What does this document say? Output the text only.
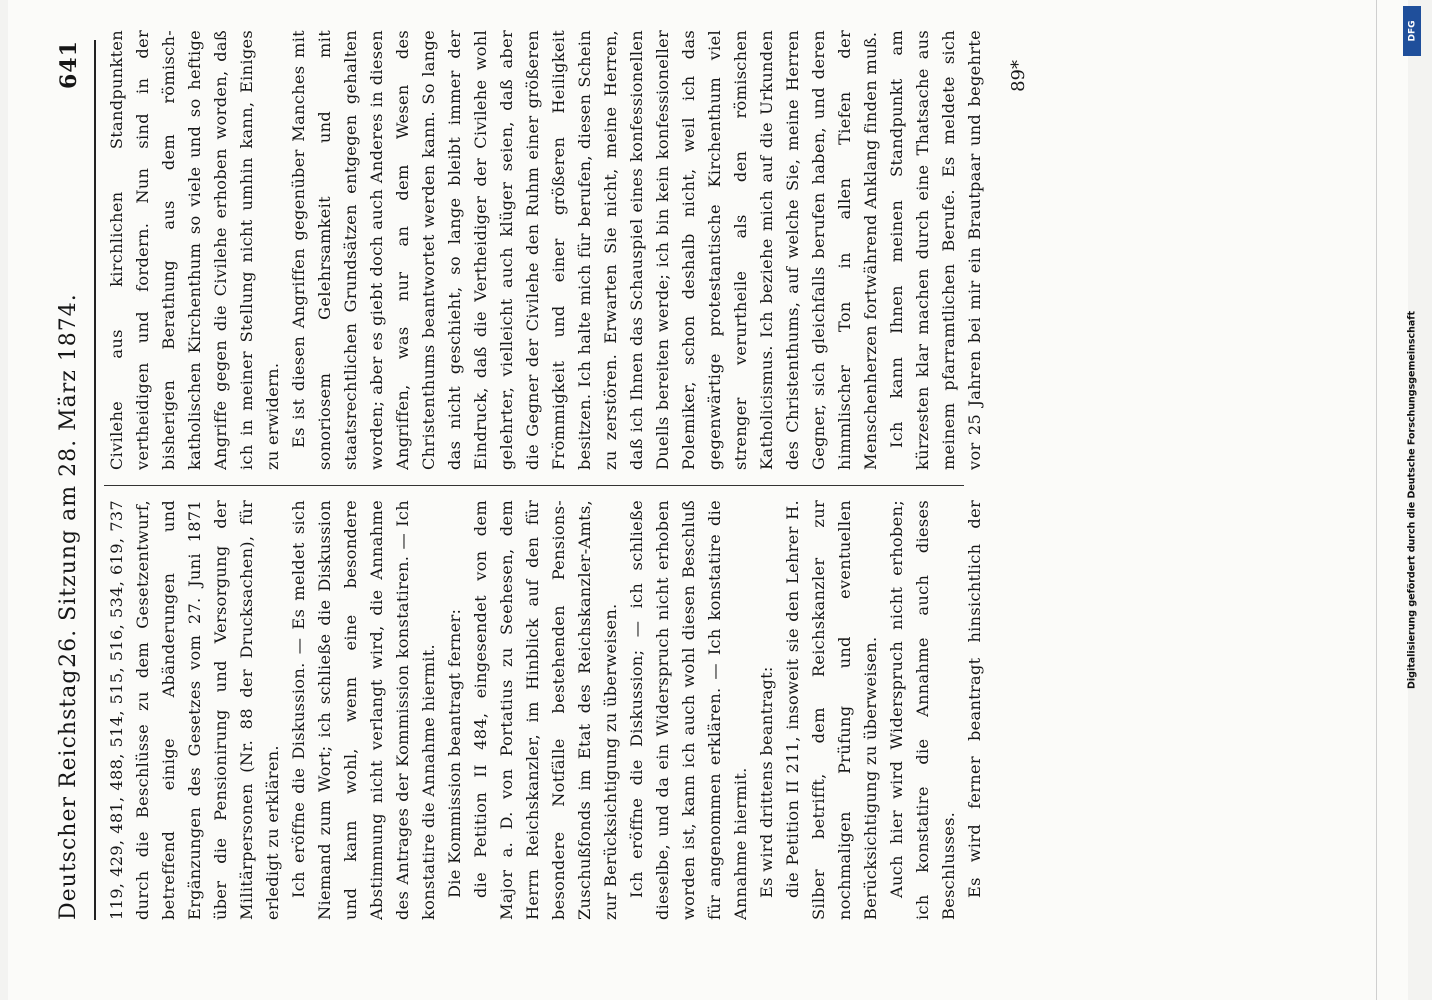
Deutscher Reichstag.
26. Sitzung am 28. März 1874.
641

119, 429, 481, 488, 514, 515, 516, 534, 619, 737 durch die Beschlüsse zu dem Gesetzentwurf, betreffend einige Abänderungen und Ergänzungen des Gesetzes vom 27. Juni 1871 über die Pensionirung und Versorgung der Militärpersonen (Nr. 88 der Drucksachen), für erledigt zu erklären. Ich eröffne die Diskussion. — Es meldet sich Niemand zum Wort; ich schließe die Diskussion und kann wohl, wenn eine besondere Abstimmung nicht verlangt wird, die Annahme des Antrages der Kommission konstatiren. — Ich konstatire die Annahme hiermit. Die Kommission beantragt ferner: die Petition II 484, eingesendet von dem Major a. D. von Portatius zu Seehesen, dem Herrn Reichskanzler, im Hinblick auf den für besondere Notfälle bestehenden Pensions-Zuschußfonds im Etat des Reichskanzler-Amts, zur Berücksichtigung zu überweisen. Ich eröffne die Diskussion; — ich schließe dieselbe, und da ein Widerspruch nicht erhoben worden ist, kann ich auch wohl diesen Beschluß für angenommen erklären. — Ich konstatire die Annahme hiermit. Es wird drittens beantragt: die Petition II 211, insoweit sie den Lehrer H. Silber betrifft, dem Reichskanzler zur nochmaligen Prüfung und eventuellen Berücksichtigung zu überweisen. Auch hier wird Widerspruch nicht erhoben; ich konstatire die Annahme auch dieses Beschlusses. Es wird ferner beantragt hinsichtlich der

Civilehe aus kirchlichen Standpunkten vertheidigen und fordern. Nun sind in der bisherigen Berathung aus dem römisch-katholischen Kirchenthum so viele und so heftige Angriffe gegen die Civilehe erhoben worden, daß ich in meiner Stellung nicht umhin kann, Einiges zu erwidern. Es ist diesen Angriffen gegenüber Manches mit sonoriosem Gelehrsamkeit und mit staatsrechtlichen Grundsätzen entgegen gehalten worden; aber es giebt doch auch Anderes in diesen Angriffen, was nur an dem Wesen des Christenthums beantwortet werden kann. So lange das nicht geschieht, so lange bleibt immer der Eindruck, daß die Vertheidiger der Civilehe wohl gelehrter, vielleicht auch klüger seien, daß aber die Gegner der Civilehe den Ruhm einer größeren Frömmigkeit und einer größeren Heiligkeit besitzen. Ich halte mich für berufen, diesen Schein zu zerstören. Erwarten Sie nicht, meine Herren, daß ich Ihnen das Schauspiel eines konfessionellen Duells bereiten werde; ich bin kein konfessioneller Polemiker, schon deshalb nicht, weil ich das gegenwärtige protestantische Kirchenthum viel strenger verurtheile als den römischen Katholicismus. Ich beziehe mich auf die Urkunden des Christenthums, auf welche Sie, meine Herren Gegner, sich gleichfalls berufen haben, und deren himmlischer Ton in allen Tiefen der Menschenherzen fortwährend Anklang finden muß. Ich kann Ihnen meinen Standpunkt am kürzesten klar machen durch eine Thatsache aus meinem pfarramtlichen Berufe. Es meldete sich vor 25 Jahren bei mir ein Brautpaar und begehrte	89*
DFG
Digitalisierung gefördert durch die Deutsche Forschungsgemeinschaft
